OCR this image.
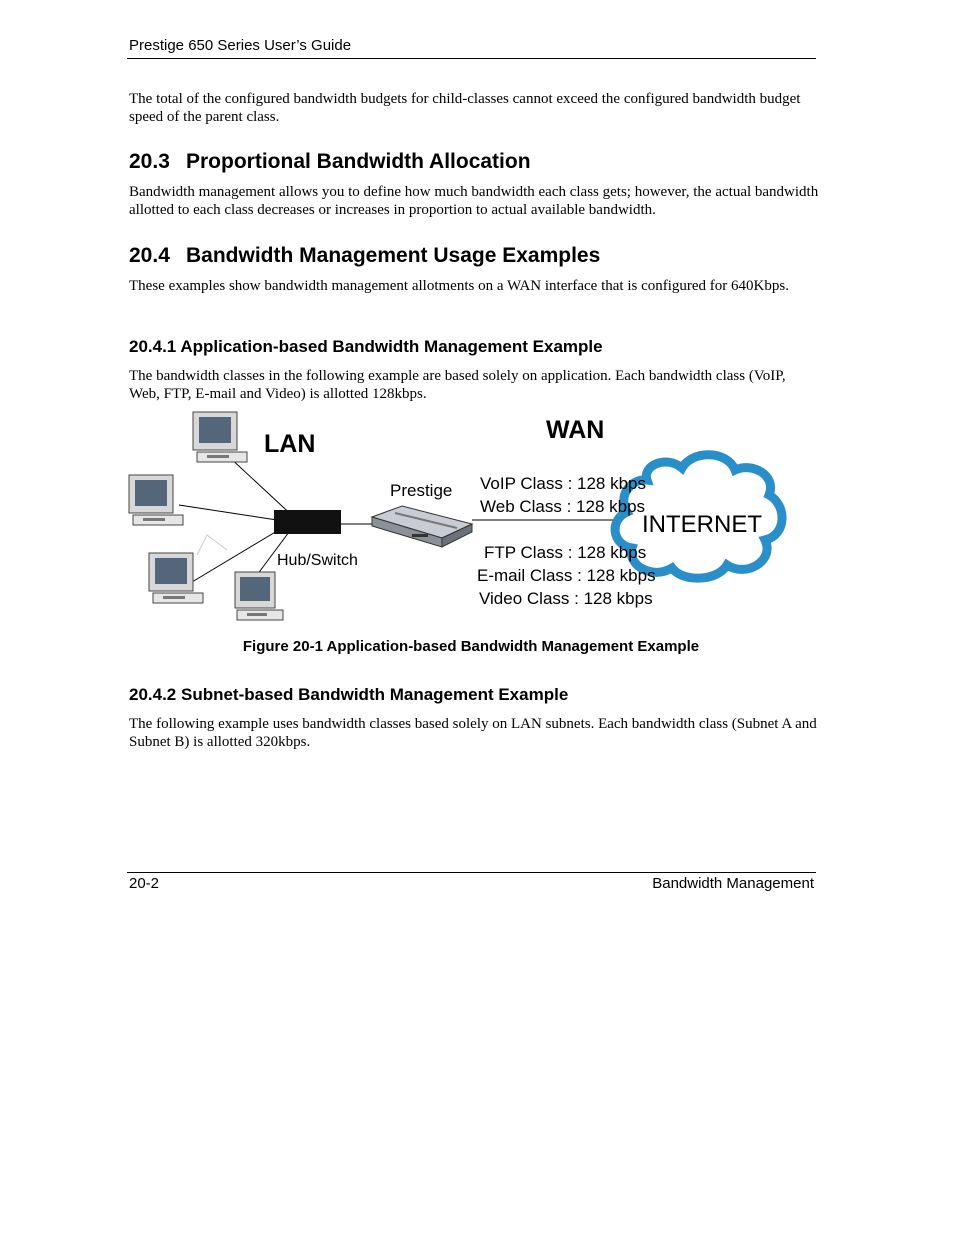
Prestige 650 Series User’s Guide

The total of the configured bandwidth budgets for child-classes cannot exceed the configured bandwidth budget speed of the parent class.

20.3 Proportional Bandwidth Allocation

Bandwidth management allows you to define how much bandwidth each class gets; however, the actual bandwidth allotted to each class decreases or increases in proportion to actual available bandwidth.

20.4 Bandwidth Management Usage Examples

These examples show bandwidth management allotments on a WAN interface that is configured for 640Kbps.

20.4.1 Application-based Bandwidth Management Example

The bandwidth classes in the following example are based solely on application. Each bandwidth class (VoIP, Web, FTP, E-mail and Video) is allotted 128kbps.

LAN	WAN
Hub/Switch
Prestige
INTERNET
VoIP Class : 128 kbps
Web Class : 128 kbps
FTP Class : 128 kbps
E-mail Class : 128 kbps
Video Class : 128 kbps
Figure 20-1 Application-based Bandwidth Management Example
20.4.2 Subnet-based Bandwidth Management Example

The following example uses bandwidth classes based solely on LAN subnets. Each bandwidth class (Subnet A and Subnet B) is allotted 320kbps.

20-2	Bandwidth Management
